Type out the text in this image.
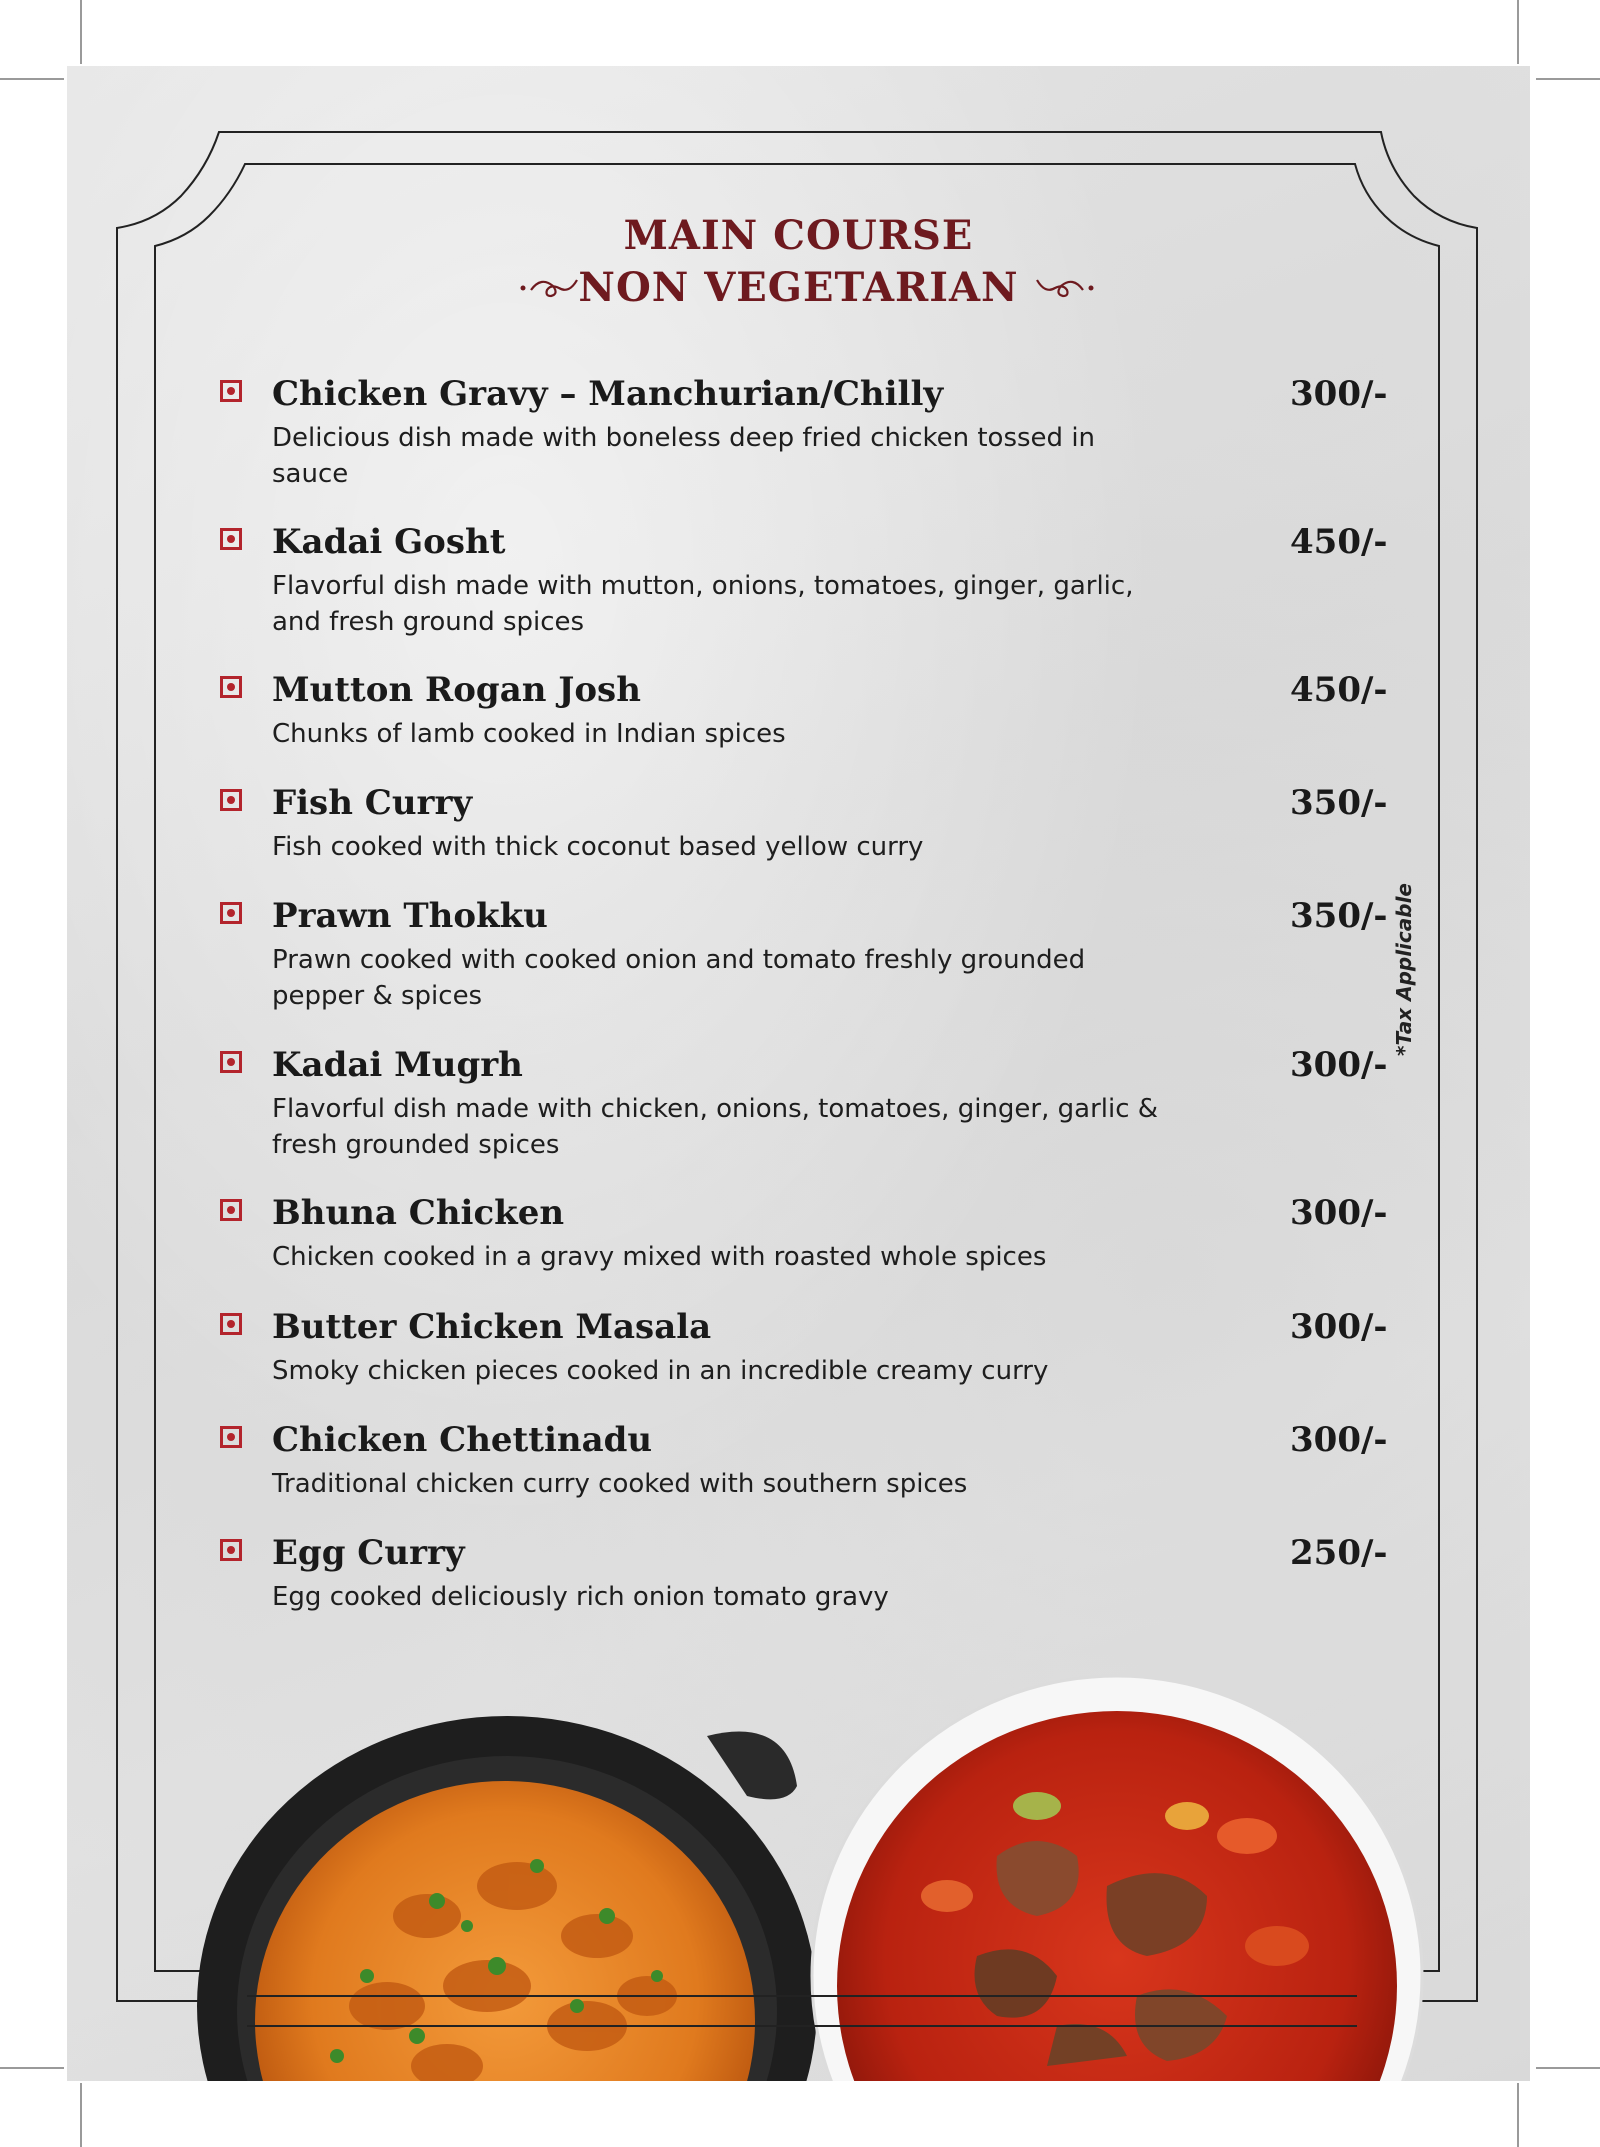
MAIN COURSE
NON VEGETARIAN
Chicken Gravy – Manchurian/Chilly
Delicious dish made with boneless deep fried chicken tossed in sauce
300/-
Kadai Gosht
Flavorful dish made with mutton, onions, tomatoes, ginger, garlic, and fresh ground spices
450/-
Mutton Rogan Josh
Chunks of lamb cooked in Indian spices
450/-
Fish Curry
Fish cooked with thick coconut based yellow curry
350/-
Prawn Thokku
Prawn cooked with cooked onion and tomato freshly grounded pepper & spices
350/-
Kadai Mugrh
Flavorful dish made with chicken, onions, tomatoes, ginger, garlic & fresh grounded spices
300/-
Bhuna Chicken
Chicken cooked in a gravy mixed with roasted whole spices
300/-
Butter Chicken Masala
Smoky chicken pieces cooked in an incredible creamy curry
300/-
Chicken Chettinadu
Traditional chicken curry cooked with southern spices
300/-
Egg Curry
Egg cooked deliciously rich onion tomato gravy
250/-
*Tax Applicable
